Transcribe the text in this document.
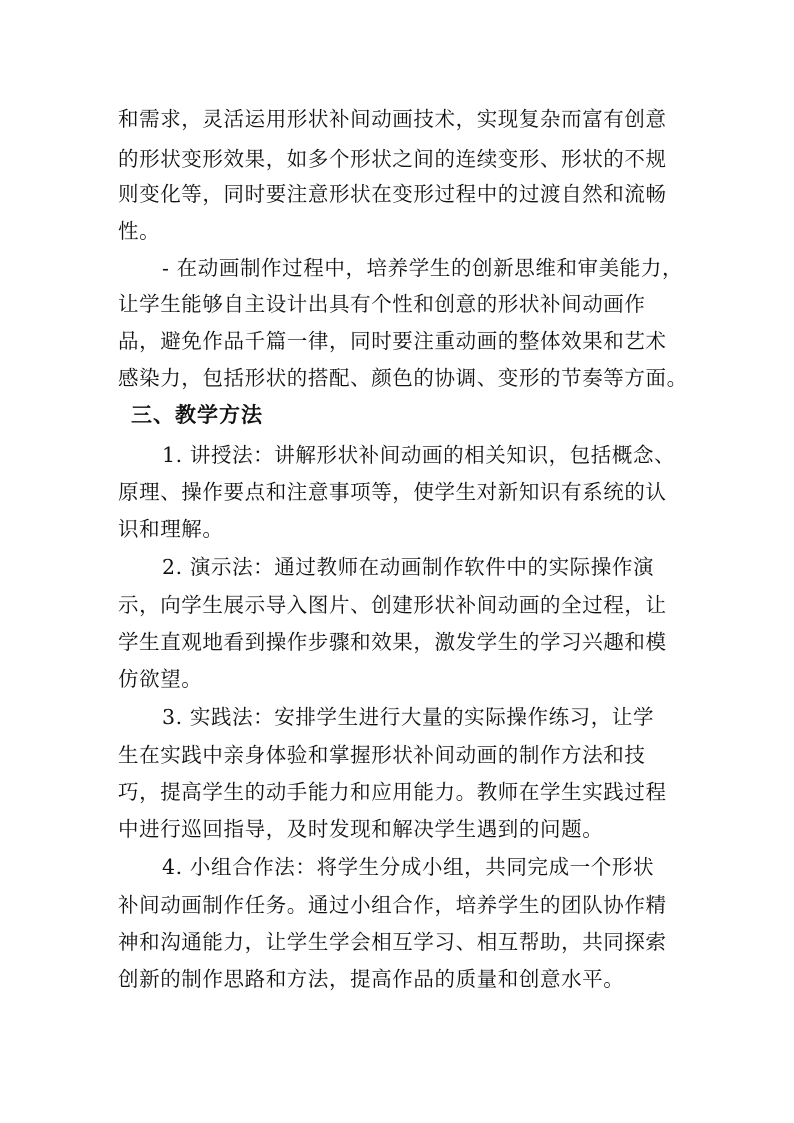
和需求，灵活运用形状补间动画技术，实现复杂而富有创意
的形状变形效果，如多个形状之间的连续变形、形状的不规
则变化等，同时要注意形状在变形过程中的过渡自然和流畅
性。
- 在动画制作过程中，培养学生的创新思维和审美能力，
让学生能够自主设计出具有个性和创意的形状补间动画作
品，避免作品千篇一律，同时要注重动画的整体效果和艺术
感染力，包括形状的搭配、颜色的协调、变形的节奏等方面。
三、教学方法
1. 讲授法：讲解形状补间动画的相关知识，包括概念、
原理、操作要点和注意事项等，使学生对新知识有系统的认
识和理解。
2. 演示法：通过教师在动画制作软件中的实际操作演
示，向学生展示导入图片、创建形状补间动画的全过程，让
学生直观地看到操作步骤和效果，激发学生的学习兴趣和模
仿欲望。
3. 实践法：安排学生进行大量的实际操作练习，让学
生在实践中亲身体验和掌握形状补间动画的制作方法和技
巧，提高学生的动手能力和应用能力。教师在学生实践过程
中进行巡回指导，及时发现和解决学生遇到的问题。
4. 小组合作法：将学生分成小组，共同完成一个形状
补间动画制作任务。通过小组合作，培养学生的团队协作精
神和沟通能力，让学生学会相互学习、相互帮助，共同探索
创新的制作思路和方法，提高作品的质量和创意水平。
